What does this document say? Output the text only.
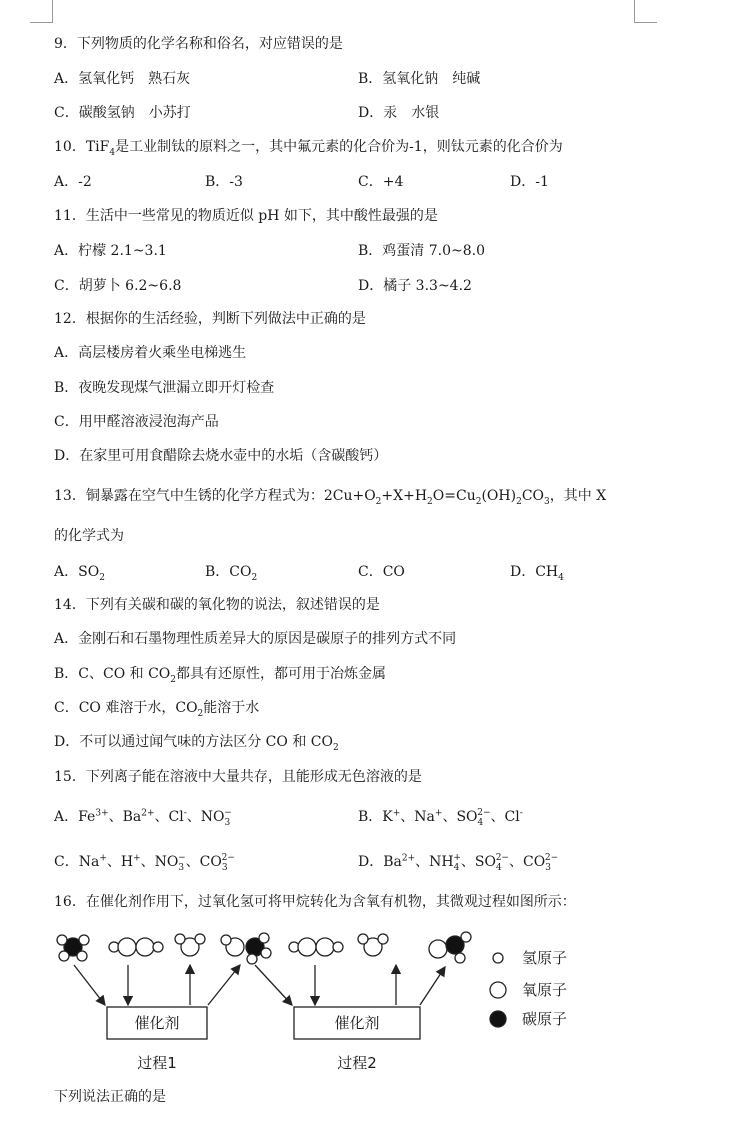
9．下列物质的化学名称和俗名，对应错误的是
A．氢氧化钙　熟石灰	B．氢氧化钠　纯碱
C．碳酸氢钠　小苏打	D．汞　水银
10．TiF$_4$是工业制钛的原料之一，其中氟元素的化合价为-1，则钛元素的化合价为
A．-2	B．-3	C．+4	D．-1
11．生活中一些常见的物质近似 pH 如下，其中酸性最强的是
A．柠檬 2.1~3.1	B．鸡蛋清 7.0~8.0
C．胡萝卜 6.2~6.8	D．橘子 3.3~4.2
12．根据你的生活经验，判断下列做法中正确的是
A．高层楼房着火乘坐电梯逃生
B．夜晚发现煤气泄漏立即开灯检查
C．用甲醛溶液浸泡海产品
D．在家里可用食醋除去烧水壶中的水垢（含碳酸钙）
13．铜暴露在空气中生锈的化学方程式为：$2Cu+O_2+X+H_2O=Cu_2(OH)_2CO_3$，其中 X
的化学式为
A．$SO_2$	B．$CO_2$	C．CO	D．$CH_4$
14．下列有关碳和碳的氧化物的说法，叙述错误的是
A．金刚石和石墨物理性质差异大的原因是碳原子的排列方式不同
B．C、CO 和 $CO_2$都具有还原性，都可用于冶炼金属
C．CO 难溶于水，$CO_2$能溶于水
D．不可以通过闻气味的方法区分 CO 和 $CO_2$
15．下列离子能在溶液中大量共存，且能形成无色溶液的是
A．$Fe^{3+}$、$Ba^{2+}$、Cl-、$NO_3^-$	B．K+、Na+、$SO_4^{2-}$、Cl-
C．Na+、H+、$NO_3^-$、$CO_3^{2-}$	D．$Ba^{2+}$、$NH_4^+$、$SO_4^{2-}$、$CO_3^{2-}$
16．在催化剂作用下，过氧化氢可将甲烷转化为含氧有机物，其微观过程如图所示：
催化剂	催化剂
过程1	过程2
氢原子
氧原子
碳原子
下列说法正确的是
